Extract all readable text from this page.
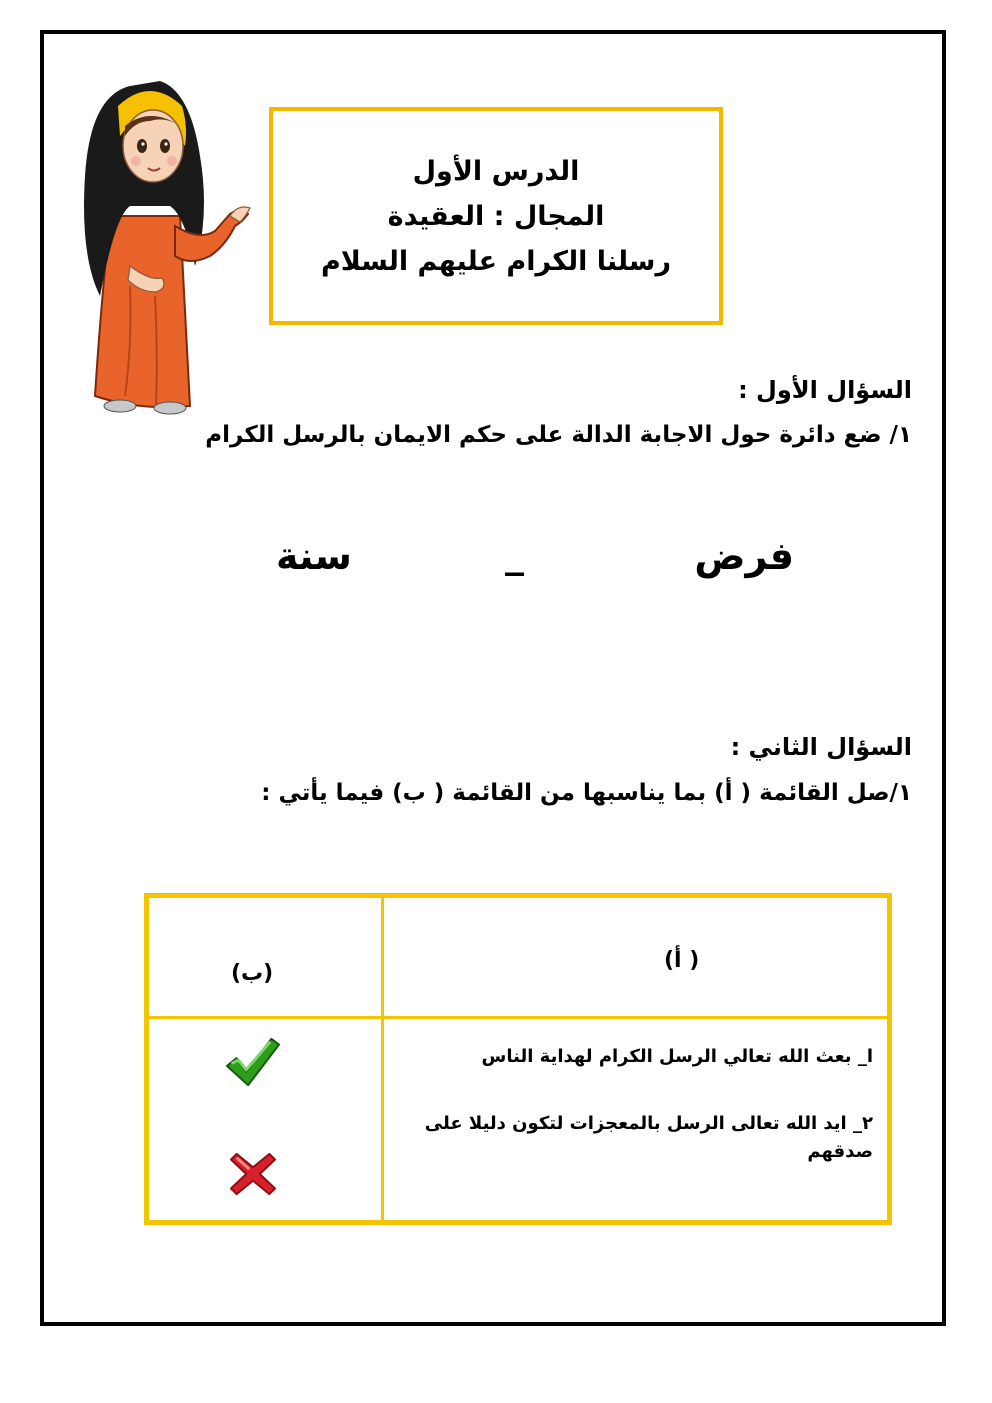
الدرس الأول
المجال : العقيدة
رسلنا الكرام عليهم السلام
السؤال الأول :
١/ ضع دائرة حول الاجابة الدالة على حكم الايمان بالرسل الكرام
فرض
_
سنة
السؤال الثاني :
١/صل القائمة ( أ) بما يناسبها من القائمة ( ب) فيما يأتي :
( أ)
(ب)
ا_ بعث الله تعالي الرسل الكرام لهداية الناس
٢_ ايد الله تعالى الرسل بالمعجزات لتكون دليلا على صدقهم
